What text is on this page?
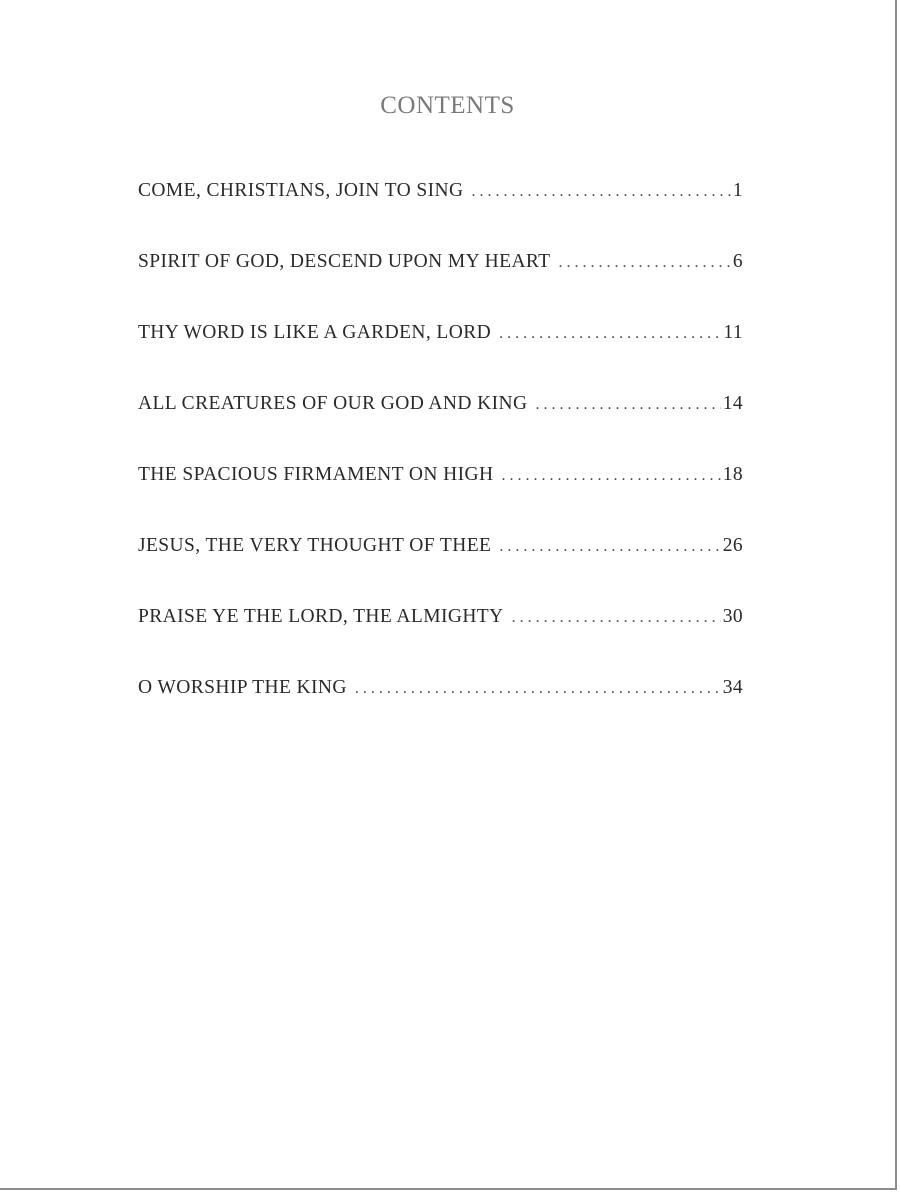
contents
COME, CHRISTIANS, JOIN TO SING . . .	1
SPIRIT OF GOD, DESCEND UPON MY HEART . . .	6
THY WORD IS LIKE A GARDEN, LORD . . .	11
ALL CREATURES OF OUR GOD AND KING . . .	14
THE SPACIOUS FIRMAMENT ON HIGH . . .	18
JESUS, THE VERY THOUGHT OF THEE . . .	26
PRAISE YE THE LORD, THE ALMIGHTY . . .	30
O WORSHIP THE KING . . .	34
